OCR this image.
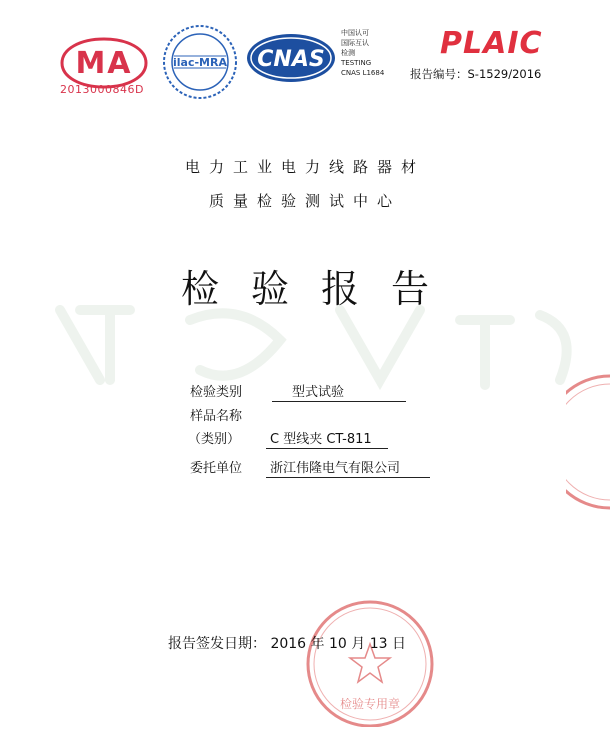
MA
2013000846D
ilac-MRA CNAS
中国认可
国际互认
检测
TESTING
CNAS L1684
PLAIC
报告编号：S-1529/2016
电力工业电力线路器材
质量检验测试中心
检验报告
检验类别	型式试验
样品名称
（类别）	C 型线夹 CT-811
委托单位	浙江伟隆电气有限公司
检验专用章
报告签发日期： 2016 年 10 月 13 日
